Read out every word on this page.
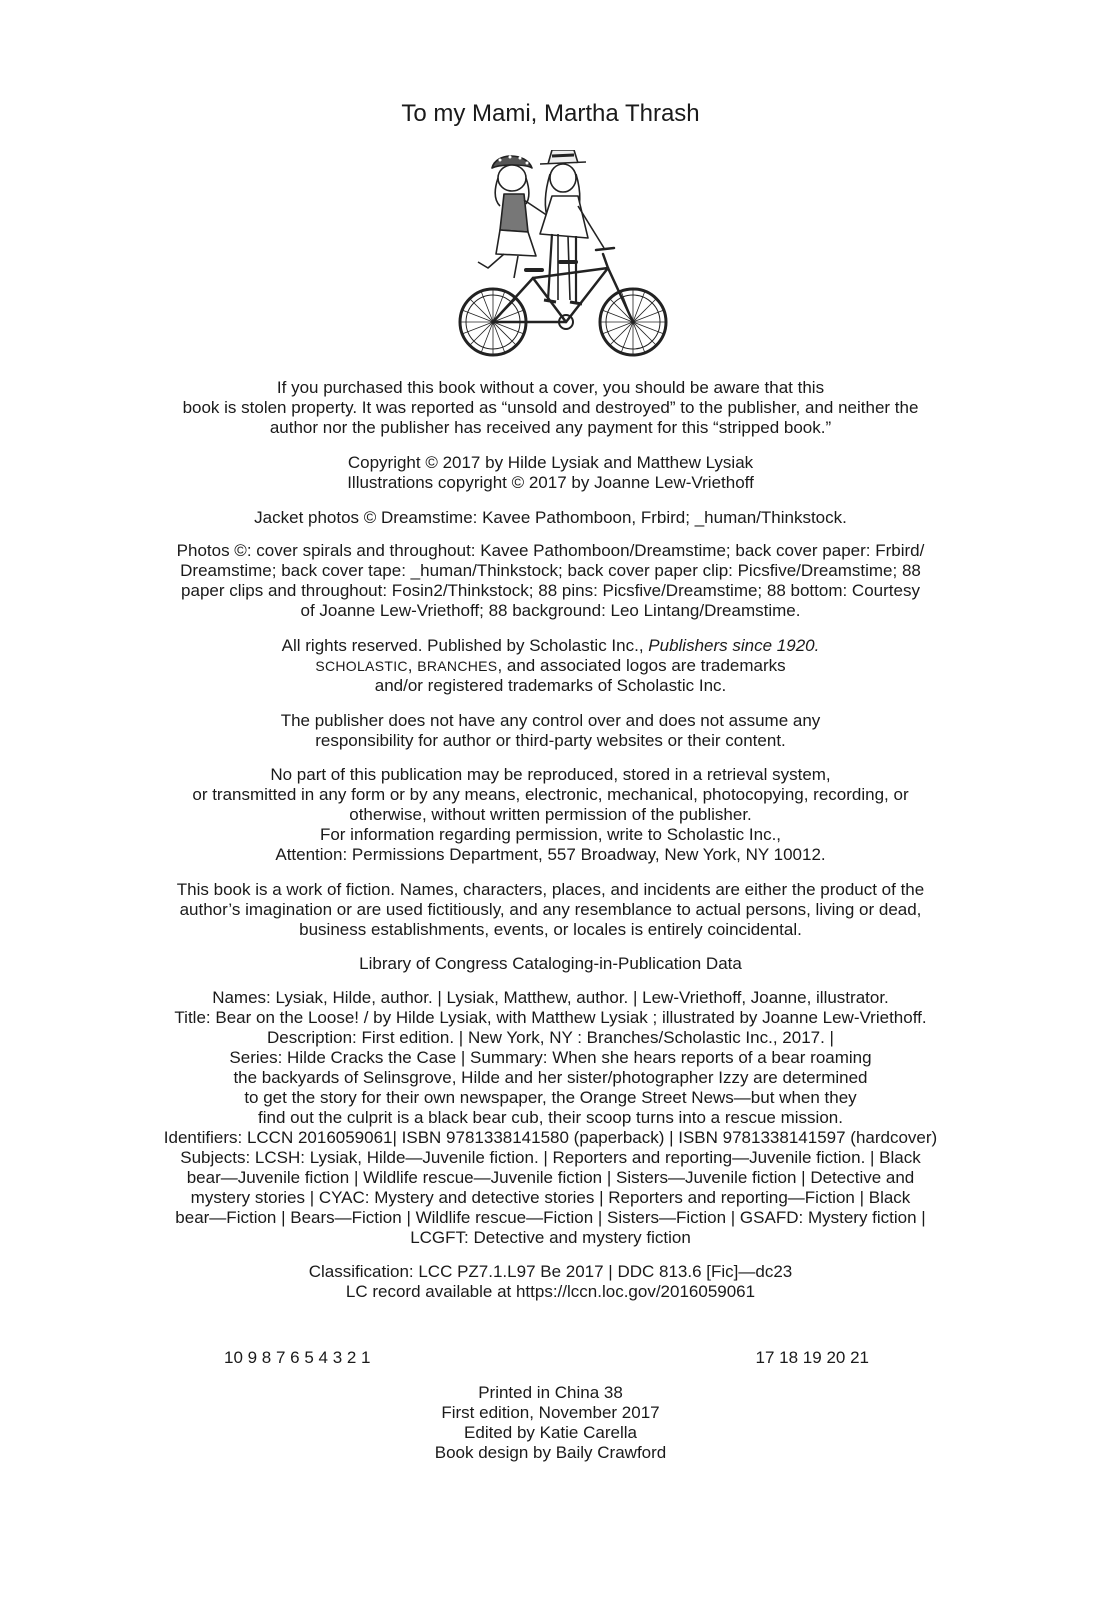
To my Mami, Martha Thrash
If you purchased this book without a cover, you should be aware that this
book is stolen property. It was reported as “unsold and destroyed” to the publisher, and neither the
author nor the publisher has received any payment for this “stripped book.”
Copyright © 2017 by Hilde Lysiak and Matthew Lysiak
Illustrations copyright © 2017 by Joanne Lew-Vriethoff
Jacket photos © Dreamstime: Kavee Pathomboon, Frbird; _human/Thinkstock.
Photos ©: cover spirals and throughout: Kavee Pathomboon/Dreamstime; back cover paper: Frbird/
Dreamstime; back cover tape: _human/Thinkstock; back cover paper clip: Picsfive/Dreamstime; 88
paper clips and throughout: Fosin2/Thinkstock; 88 pins: Picsfive/Dreamstime; 88 bottom: Courtesy
of Joanne Lew-Vriethoff; 88 background: Leo Lintang/Dreamstime.
All rights reserved. Published by Scholastic Inc., Publishers since 1920.
SCHOLASTIC, BRANCHES, and associated logos are trademarks
and/or registered trademarks of Scholastic Inc.
The publisher does not have any control over and does not assume any
responsibility for author or third-party websites or their content.
No part of this publication may be reproduced, stored in a retrieval system,
or transmitted in any form or by any means, electronic, mechanical, photocopying, recording, or
otherwise, without written permission of the publisher.
For information regarding permission, write to Scholastic Inc.,
Attention: Permissions Department, 557 Broadway, New York, NY 10012.
This book is a work of fiction. Names, characters, places, and incidents are either the product of the
author’s imagination or are used fictitiously, and any resemblance to actual persons, living or dead,
business establishments, events, or locales is entirely coincidental.
Library of Congress Cataloging-in-Publication Data
Names: Lysiak, Hilde, author. | Lysiak, Matthew, author. | Lew-Vriethoff, Joanne, illustrator.
Title: Bear on the Loose! / by Hilde Lysiak, with Matthew Lysiak ; illustrated by Joanne Lew-Vriethoff.
Description: First edition. | New York, NY : Branches/Scholastic Inc., 2017. |
Series: Hilde Cracks the Case | Summary: When she hears reports of a bear roaming
the backyards of Selinsgrove, Hilde and her sister/photographer Izzy are determined
to get the story for their own newspaper, the Orange Street News—but when they
find out the culprit is a black bear cub, their scoop turns into a rescue mission.
Identifiers: LCCN 2016059061| ISBN 9781338141580 (paperback) | ISBN 9781338141597 (hardcover)
Subjects: LCSH: Lysiak, Hilde—Juvenile fiction. | Reporters and reporting—Juvenile fiction. | Black
bear—Juvenile fiction | Wildlife rescue—Juvenile fiction | Sisters—Juvenile fiction | Detective and
mystery stories | CYAC: Mystery and detective stories | Reporters and reporting—Fiction | Black
bear—Fiction | Bears—Fiction | Wildlife rescue—Fiction | Sisters—Fiction | GSAFD: Mystery fiction |
LCGFT: Detective and mystery fiction
Classification: LCC PZ7.1.L97 Be 2017 | DDC 813.6 [Fic]—dc23
LC record available at https://lccn.loc.gov/2016059061
10 9 8 7 6 5 4 3 2 1	17 18 19 20 21
Printed in China 38
First edition, November 2017
Edited by Katie Carella
Book design by Baily Crawford
